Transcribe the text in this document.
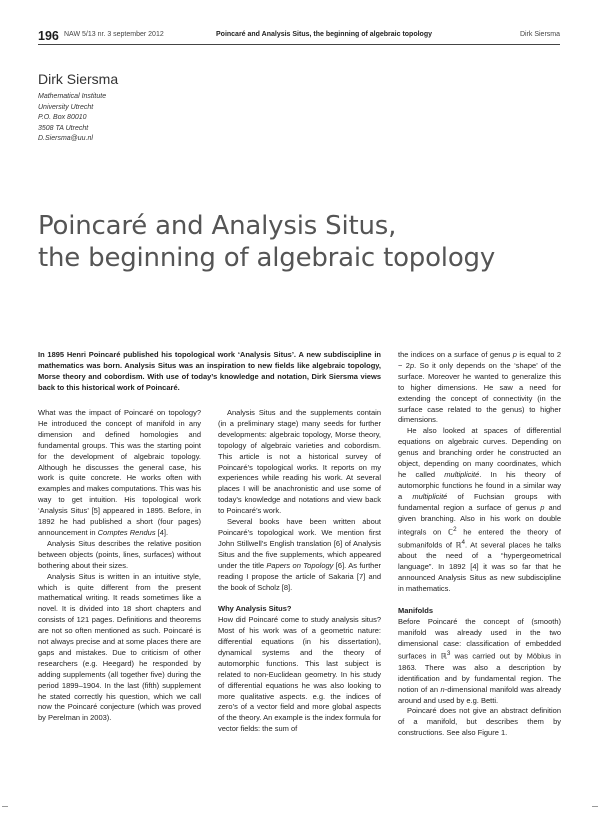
196 NAW 5/13 nr. 3 september 2012	Poincaré and Analysis Situs, the beginning of algebraic topology	Dirk Siersma
Dirk Siersma
Mathematical Institute
University Utrecht
P.O. Box 80010
3508 TA Utrecht
D.Siersma@uu.nl
Poincaré and Analysis Situs,
the beginning of algebraic topology
In 1895 Henri Poincaré published his topological work ‘Analysis Situs’. A new subdiscipline in mathematics was born. Analysis Situs was an inspiration to new fields like algebraic topology, Morse theory and cobordism. With use of today’s knowledge and notation, Dirk Siersma views back to this historical work of Poincaré.

What was the impact of Poincaré on topology? He introduced the concept of manifold in any dimension and defined homologies and fundamental groups. This was the starting point for the development of algebraic topology. Although he discusses the general case, his work is quite concrete. He works often with examples and makes computations. This was his way to get intuition. His topological work ‘Analysis Situs’ [5] appeared in 1895. Before, in 1892 he had published a short (four pages) announcement in Comptes Rendus [4].

Analysis Situs describes the relative position between objects (points, lines, surfaces) without bothering about their sizes.

Analysis Situs is written in an intuitive style, which is quite different from the present mathematical writing. It reads sometimes like a novel. It is divided into 18 short chapters and consists of 121 pages. Definitions and theorems are not so often mentioned as such. Poincaré is not always precise and at some places there are gaps and mistakes. Due to criticism of other researchers (e.g. Heegard) he responded by adding supplements (all together five) during the period 1899–1904. In the last (fifth) supplement he stated correctly his question, which we call now the Poincaré conjecture (which was proved by Perelman in 2003).

Analysis Situs and the supplements contain (in a preliminary stage) many seeds for further developments: algebraic topology, Morse theory, topology of algebraic varieties and cobordism. This article is not a historical survey of Poincaré’s topological works. It reports on my experiences while reading his work. At several places I will be anachronistic and use some of today’s knowledge and notations and view back to Poincaré’s work.

Several books have been written about Poincaré’s topological work. We mention first John Stillwell’s English translation [6] of Analysis Situs and the five supplements, which appeared under the title Papers on Topology [6]. As further reading I propose the article of Sakaria [7] and the book of Scholz [8].

Why Analysis Situs?

How did Poincaré come to study analysis situs? Most of his work was of a geometric nature: differential equations (in his dissertation), dynamical systems and the theory of automorphic functions. This last subject is related to non-Euclidean geometry. In his study of differential equations he was also looking to more qualitative aspects. e.g. the indices of zero’s of a vector field and more global aspects of the theory. An example is the index formula for vector fields: the sum of

the indices on a surface of genus p is equal to 2 − 2p. So it only depends on the ‘shape’ of the surface. Moreover he wanted to generalize this to higher dimensions. He saw a need for extending the concept of connectivity (in the surface case related to the genus) to higher dimensions.

He also looked at spaces of differential equations on algebraic curves. Depending on genus and branching order he constructed an object, depending on many coordinates, which he called multiplicité. In his theory of automorphic functions he found in a similar way a multiplicité of Fuchsian groups with fundamental region a surface of genus p and given branching. Also in his work on double integrals on ℂ$^2$ he entered the theory of submanifolds of ℝ$^4$. At several places he talks about the need of a “hypergeometrical language”. In 1892 [4] it was so far that he announced Analysis Situs as new subdiscipline in mathematics.

Manifolds

Before Poincaré the concept of (smooth) manifold was already used in the two dimensional case: classification of embedded surfaces in ℝ$^3$ was carried out by Möbius in 1863. There was also a description by identification and by fundamental region. The notion of an n-dimensional manifold was already around and used by e.g. Betti.

Poincaré does not give an abstract definition of a manifold, but describes them by constructions. See also Figure 1.
